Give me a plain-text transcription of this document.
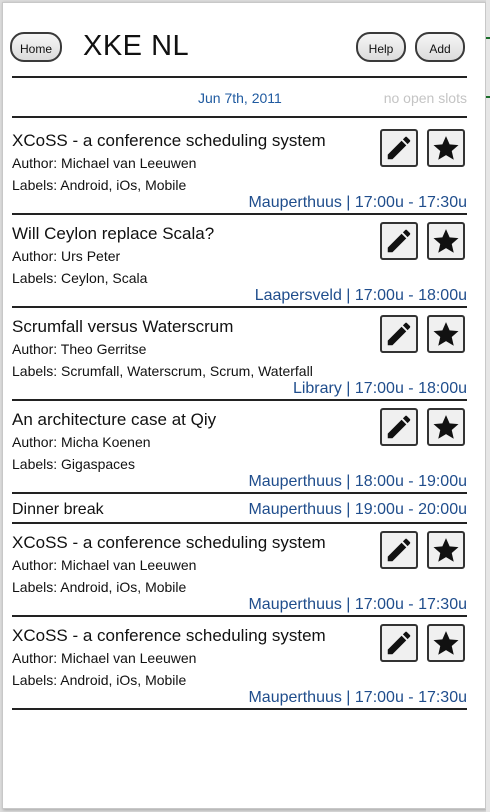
Home	XKE NL	Help	Add
Jun 7th, 2011	no open slots
XCoSS - a conference scheduling system
Author: Michael van Leeuwen
Labels: Android, iOs, Mobile
Mauperthuus | 17:00u - 17:30u
Will Ceylon replace Scala?
Author: Urs Peter
Labels: Ceylon, Scala
Laapersveld | 17:00u - 18:00u
Scrumfall versus Waterscrum
Author: Theo Gerritse
Labels: Scrumfall, Waterscrum, Scrum, Waterfall
Library | 17:00u - 18:00u
An architecture case at Qiy
Author: Micha Koenen
Labels: Gigaspaces
Mauperthuus | 18:00u - 19:00u
Dinner break	Mauperthuus | 19:00u - 20:00u
XCoSS - a conference scheduling system
Author: Michael van Leeuwen
Labels: Android, iOs, Mobile
Mauperthuus | 17:00u - 17:30u
XCoSS - a conference scheduling system
Author: Michael van Leeuwen
Labels: Android, iOs, Mobile
Mauperthuus | 17:00u - 17:30u
